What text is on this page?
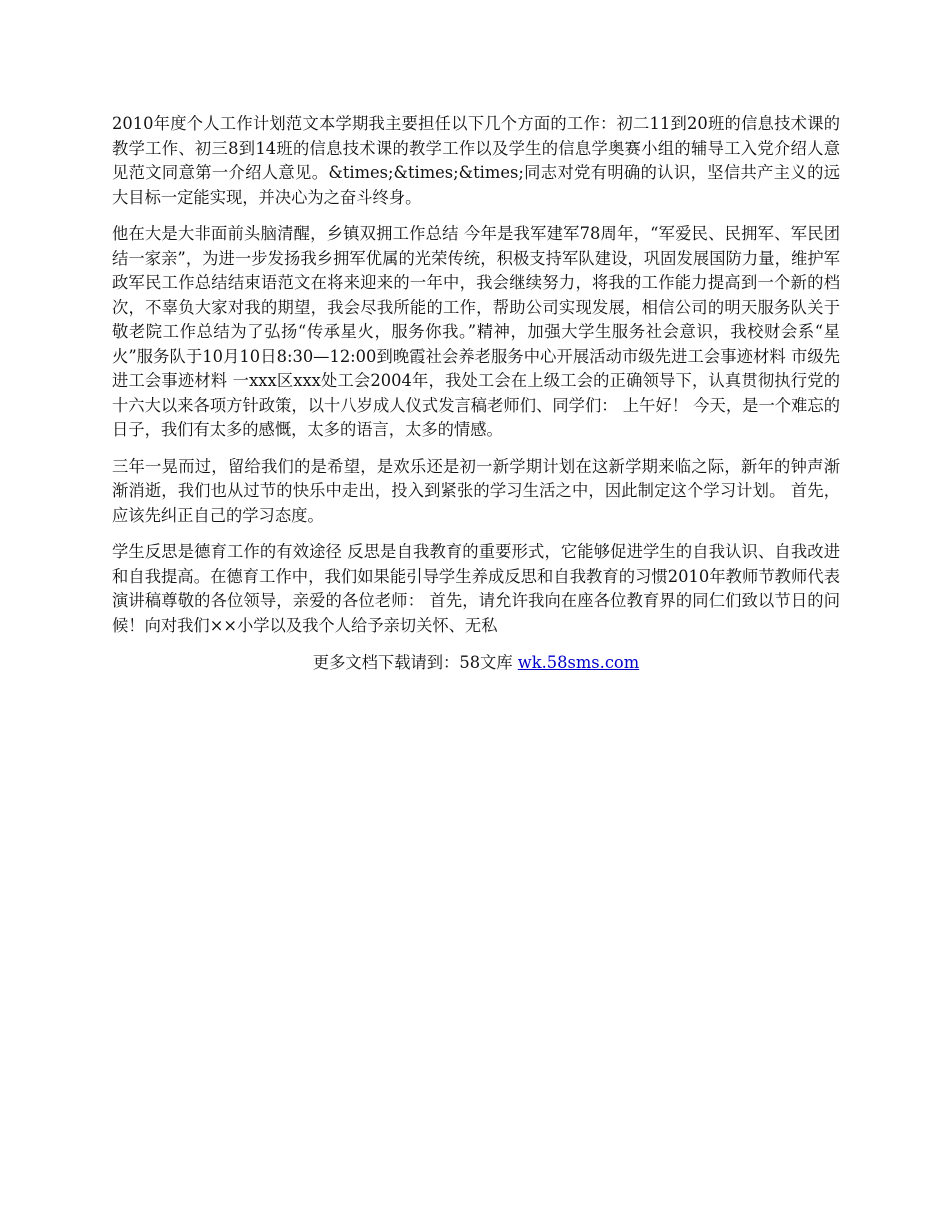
2010年度个人工作计划范文本学期我主要担任以下几个方面的工作：初二11到20班的信息技术课的教学工作、初三8到14班的信息技术课的教学工作以及学生的信息学奥赛小组的辅导工入党介绍人意见范文同意第一介绍人意见。&times;&times;&times;同志对党有明确的认识，坚信共产主义的远大目标一定能实现，并决心为之奋斗终身。

他在大是大非面前头脑清醒，乡镇双拥工作总结 今年是我军建军78周年，“军爱民、民拥军、军民团结一家亲”，为进一步发扬我乡拥军优属的光荣传统，积极支持军队建设，巩固发展国防力量，维护军政军民工作总结结束语范文在将来迎来的一年中，我会继续努力，将我的工作能力提高到一个新的档次，不辜负大家对我的期望，我会尽我所能的工作，帮助公司实现发展，相信公司的明天服务队关于敬老院工作总结为了弘扬“传承星火，服务你我。”精神，加强大学生服务社会意识，我校财会系“星火”服务队于10月10日8:30—12:00到晚霞社会养老服务中心开展活动市级先进工会事迹材料 市级先进工会事迹材料 一xxx区xxx处工会2004年，我处工会在上级工会的正确领导下，认真贯彻执行党的十六大以来各项方针政策，以十八岁成人仪式发言稿老师们、同学们： 上午好！ 今天，是一个难忘的日子，我们有太多的感慨，太多的语言，太多的情感。

三年一晃而过，留给我们的是希望，是欢乐还是初一新学期计划在这新学期来临之际，新年的钟声渐渐消逝，我们也从过节的快乐中走出，投入到紧张的学习生活之中，因此制定这个学习计划。 首先，应该先纠正自己的学习态度。

学生反思是德育工作的有效途径 反思是自我教育的重要形式，它能够促进学生的自我认识、自我改进和自我提高。在德育工作中，我们如果能引导学生养成反思和自我教育的习惯2010年教师节教师代表演讲稿尊敬的各位领导，亲爱的各位老师： 首先，请允许我向在座各位教育界的同仁们致以节日的问候！向对我们××小学以及我个人给予亲切关怀、无私

更多文档下载请到：58文库 wk.58sms.com
